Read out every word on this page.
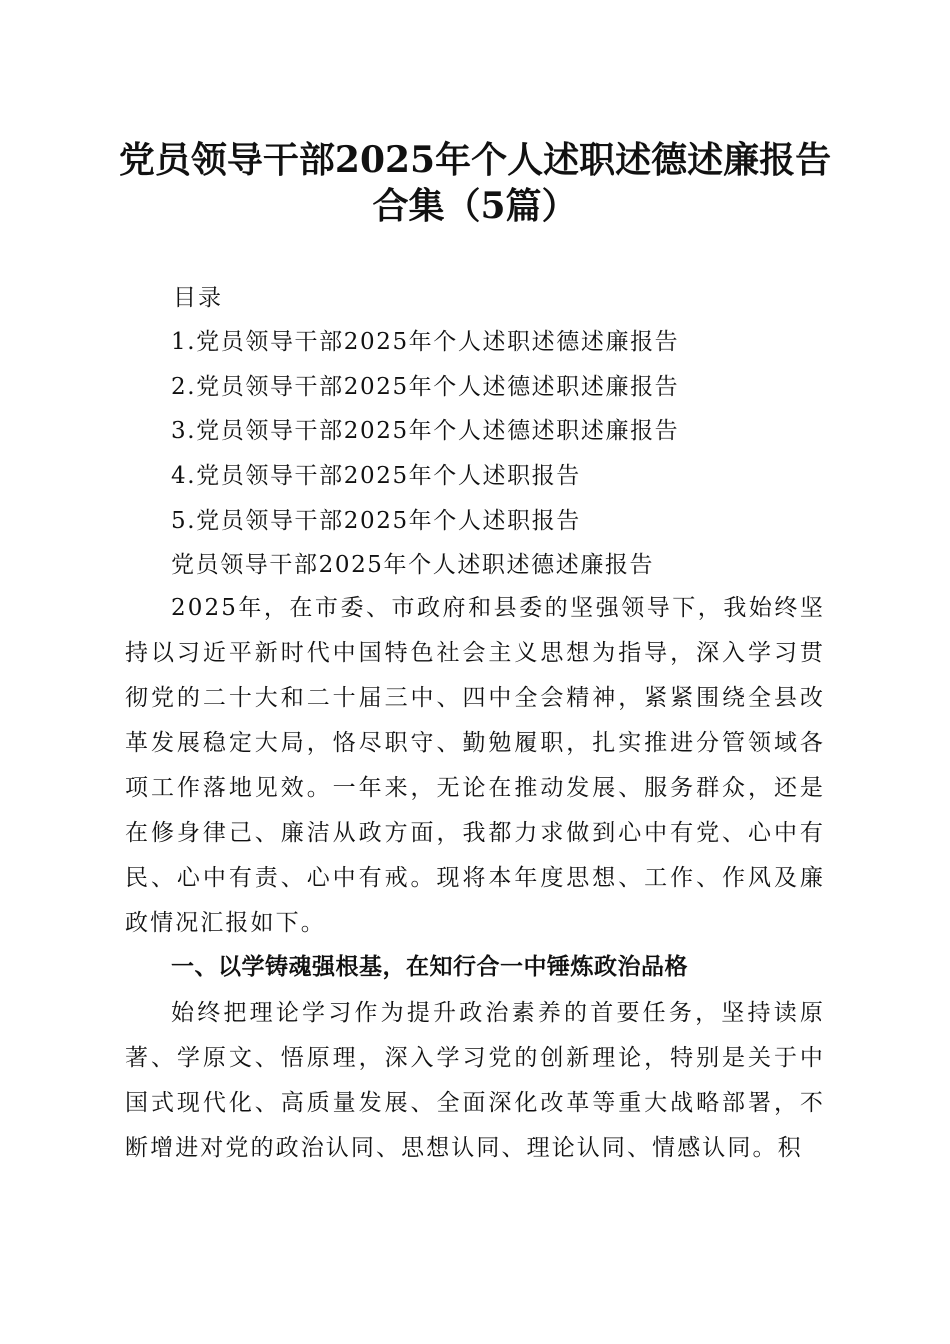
党员领导干部2025年个人述职述德述廉报告
合集（5篇）
目录
1.党员领导干部2025年个人述职述德述廉报告
2.党员领导干部2025年个人述德述职述廉报告
3.党员领导干部2025年个人述德述职述廉报告
4.党员领导干部2025年个人述职报告
5.党员领导干部2025年个人述职报告
党员领导干部2025年个人述职述德述廉报告
2025年，在市委、市政府和县委的坚强领导下，我始终坚持以习近平新时代中国特色社会主义思想为指导，深入学习贯彻党的二十大和二十届三中、四中全会精神，紧紧围绕全县改革发展稳定大局，恪尽职守、勤勉履职，扎实推进分管领域各项工作落地见效。一年来，无论在推动发展、服务群众，还是在修身律己、廉洁从政方面，我都力求做到心中有党、心中有民、心中有责、心中有戒。现将本年度思想、工作、作风及廉政情况汇报如下。
一、以学铸魂强根基，在知行合一中锤炼政治品格
始终把理论学习作为提升政治素养的首要任务，坚持读原著、学原文、悟原理，深入学习党的创新理论，特别是关于中国式现代化、高质量发展、全面深化改革等重大战略部署，不断增进对党的政治认同、思想认同、理论认同、情感认同。积
